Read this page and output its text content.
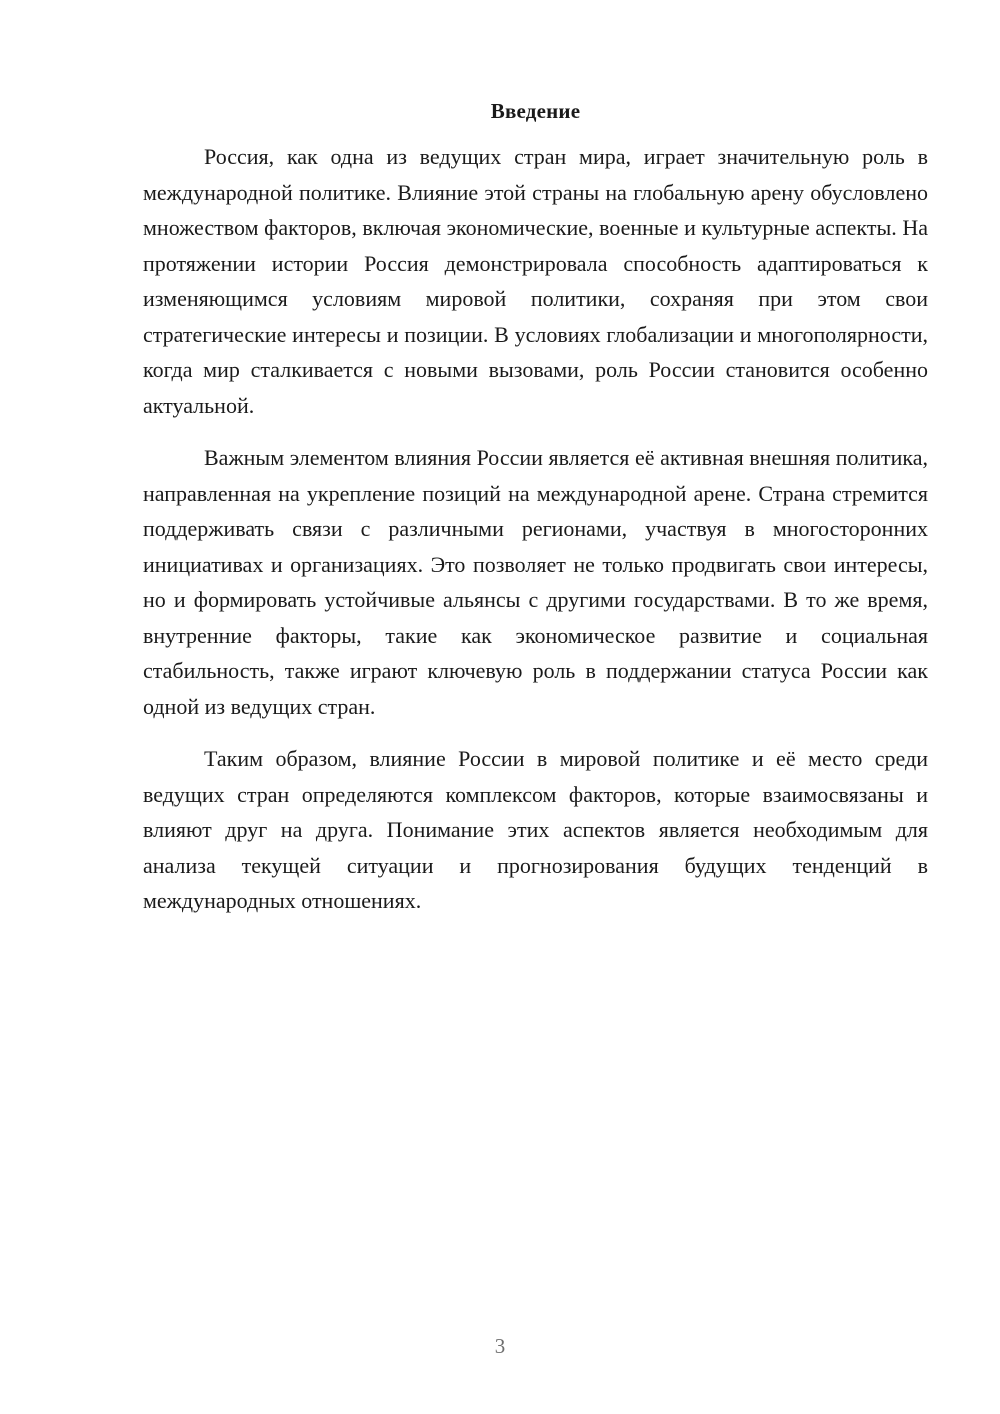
Введение

Россия, как одна из ведущих стран мира, играет значительную роль в международной политике. Влияние этой страны на глобальную арену обусловлено множеством факторов, включая экономические, военные и культурные аспекты. На протяжении истории Россия демонстрировала способность адаптироваться к изменяющимся условиям мировой политики, сохраняя при этом свои стратегические интересы и позиции. В условиях глобализации и многополярности, когда мир сталкивается с новыми вызовами, роль России становится особенно актуальной.

Важным элементом влияния России является её активная внешняя политика, направленная на укрепление позиций на международной арене. Страна стремится поддерживать связи с различными регионами, участвуя в многосторонних инициативах и организациях. Это позволяет не только продвигать свои интересы, но и формировать устойчивые альянсы с другими государствами. В то же время, внутренние факторы, такие как экономическое развитие и социальная стабильность, также играют ключевую роль в поддержании статуса России как одной из ведущих стран.

Таким образом, влияние России в мировой политике и её место среди ведущих стран определяются комплексом факторов, которые взаимосвязаны и влияют друг на друга. Понимание этих аспектов является необходимым для анализа текущей ситуации и прогнозирования будущих тенденций в международных отношениях.

3
